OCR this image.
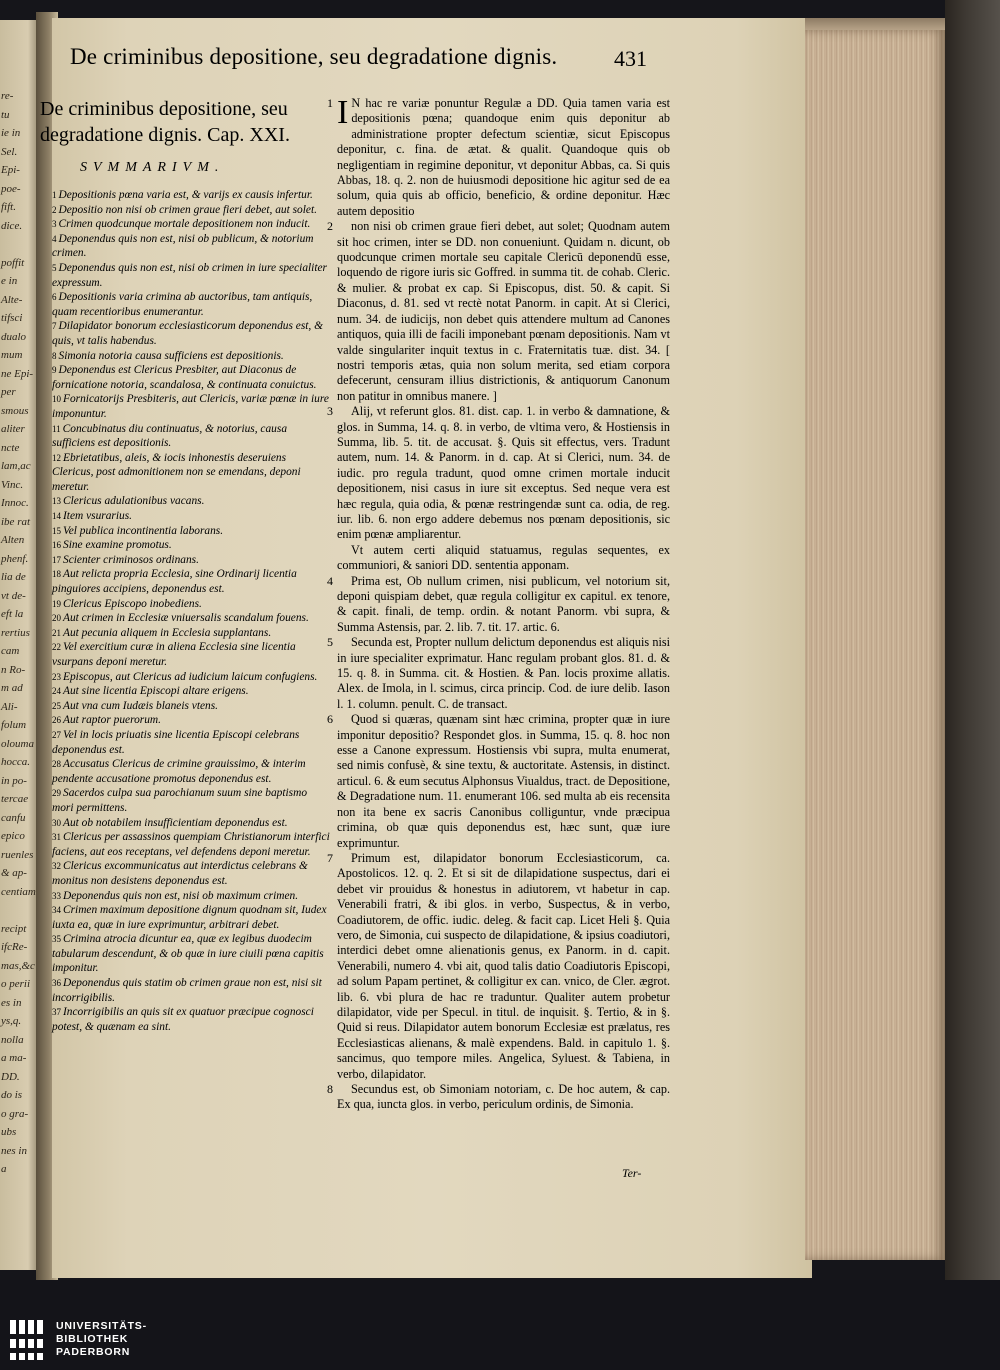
re-
tu
ie in
Sel.
Epi-
poe-
fift.
dice.
poffit
e in
Alte-
tifsci
dualo
mum
ne Epi-
per
smous
aliter
ncte
lam,ac
Vinc.
Innoc.
ibe rat
Alten
phenf.
lia de
vt de-
eft la
rertius
cam
n Ro-
m ad
Ali-
folum
olouma
hocca.
in po-
tercae
canfu
epico
ruenles
& ap-
centiam
recipt
ifcRe-
mas,&c
o perii
es in
ys,q.
nolla
a ma-
DD.
do is
o gra-
ubs
nes in
a
De criminibus depositione, seu degradatione dignis.	431
De criminibus depositione, seu degradatione dignis. Cap. XXI.
SVMMARIVM.
1 Depositionis pœna varia est, & varijs ex causis infertur.
2 Depositio non nisi ob crimen graue fieri debet, aut solet.
3 Crimen quodcunque mortale depositionem non inducit.
4 Deponendus quis non est, nisi ob publicum, & notorium crimen.
5 Deponendus quis non est, nisi ob crimen in iure specialiter expressum.
6 Depositionis varia crimina ab auctoribus, tam antiquis, quam recentioribus enumerantur.
7 Dilapidator bonorum ecclesiasticorum deponendus est, & quis, vt talis habendus.
8 Simonia notoria causa sufficiens est depositionis.
9 Deponendus est Clericus Presbiter, aut Diaconus de fornicatione notoria, scandalosa, & continuata conuictus.
10 Fornicatorijs Presbiteris, aut Clericis, variæ pœnæ in iure imponuntur.
11 Concubinatus diu continuatus, & notorius, causa sufficiens est depositionis.
12 Ebrietatibus, aleis, & iocis inhonestis deseruiens Clericus, post admonitionem non se emendans, deponi meretur.
13 Clericus adulationibus vacans.
14 Item vsurarius.
15 Vel publica incontinentia laborans.
16 Sine examine promotus.
17 Scienter criminosos ordinans.
18 Aut relicta propria Ecclesia, sine Ordinarij licentia pinguiores accipiens, deponendus est.
19 Clericus Episcopo inobediens.
20 Aut crimen in Ecclesiæ vniuersalis scandalum fouens.
21 Aut pecunia aliquem in Ecclesia supplantans.
22 Vel exercitium curæ in aliena Ecclesia sine licentia vsurpans deponi meretur.
23 Episcopus, aut Clericus ad iudicium laicum confugiens.
24 Aut sine licentia Episcopi altare erigens.
25 Aut vna cum Iudæis blaneis vtens.
26 Aut raptor puerorum.
27 Vel in locis priuatis sine licentia Episcopi celebrans deponendus est.
28 Accusatus Clericus de crimine grauissimo, & interim pendente accusatione promotus deponendus est.
29 Sacerdos culpa sua parochianum suum sine baptismo mori permittens.
30 Aut ob notabilem insufficientiam deponendus est.
31 Clericus per assassinos quempiam Christianorum interfici faciens, aut eos receptans, vel defendens deponi meretur.
32 Clericus excommunicatus aut interdictus celebrans & monitus non desistens deponendus est.
33 Deponendus quis non est, nisi ob maximum crimen.
34 Crimen maximum depositione dignum quodnam sit, Iudex iuxta ea, quæ in iure exprimuntur, arbitrari debet.
35 Crimina atrocia dicuntur ea, quæ ex legibus duodecim tabularum descendunt, & ob quæ in iure ciuili pœna capitis imponitur.
36 Deponendus quis statim ob crimen graue non est, nisi sit incorrigibilis.
37 Incorrigibilis an quis sit ex quatuor præcipue cognosci potest, & quænam ea sint.
1 I N hac re variæ ponuntur Regulæ a DD. Quia tamen varia est depositionis pœna; quandoque enim quis deponitur ab administratione propter defectum scientiæ, sicut Episcopus deponitur, c. fina. de ætat. & qualit. Quandoque quis ob negligentiam in regimine deponitur, vt deponitur Abbas, ca. Si quis Abbas, 18. q. 2. non de huiusmodi depositione hic agitur sed de ea solum, quia quis ab officio, beneficio, & ordine deponitur. Hæc autem depositio

2	non nisi ob crimen graue fieri debet, aut solet; Quodnam autem sit hoc crimen, inter se DD. non conueniunt. Quidam n. dicunt, ob quodcunque crimen mortale seu capitale Clericū deponendū esse, loquendo de rigore iuris sic Goffred. in summa tit. de cohab. Cleric. & mulier. & probat ex cap. Si Episcopus, dist. 50. & capit. Si Diaconus, d. 81. sed vt rectè notat Panorm. in capit. At si Clerici, num. 34. de iudicijs, non debet quis attendere multum ad Canones antiquos, quia illi de facili imponebant pœnam depositionis. Nam vt valde singulariter inquit textus in c. Fraternitatis tuæ. dist. 34. [ nostri temporis ætas, quia non solum merita, sed etiam corpora defecerunt, censuram illius districtionis, & antiquorum Canonum non patitur in omnibus manere. ]

3	Alij, vt referunt glos. 81. dist. cap. 1. in verbo & damnatione, & glos. in Summa, 14. q. 8. in verbo, de vltima vero, & Hostiensis in Summa, lib. 5. tit. de accusat. §. Quis sit effectus, vers. Tradunt autem, num. 14. & Panorm. in d. cap. At si Clerici, num. 34. de iudic. pro regula tradunt, quod omne crimen mortale inducit depositionem, nisi casus in iure sit exceptus. Sed neque vera est hæc regula, quia odia, & pœnæ restringendæ sunt ca. odia, de reg. iur. lib. 6. non ergo addere debemus nos pœnam depositionis, sic enim pœnæ ampliarentur.

Vt autem certi aliquid statuamus, regulas sequentes, ex communiori, & saniori DD. sententia apponam.

4	Prima est, Ob nullum crimen, nisi publicum, vel notorium sit, deponi quispiam debet, quæ regula colligitur ex capitul. ex tenore, & capit. finali, de temp. ordin. & notant Panorm. vbi supra, & Summa Astensis, par. 2. lib. 7. tit. 17. artic. 6.

5	Secunda est, Propter nullum delictum deponendus est aliquis nisi in iure specialiter exprimatur. Hanc regulam probant glos. 81. d. & 15. q. 8. in Summa. cit. & Hostien. & Pan. locis proxime allatis. Alex. de Imola, in l. scimus, circa princip. Cod. de iure delib. Iason l. 1. column. penult. C. de transact.

6	Quod si quæras, quænam sint hæc crimina, propter quæ in iure imponitur depositio? Respondet glos. in Summa, 15. q. 8. hoc non esse a Canone expressum. Hostiensis vbi supra, multa enumerat, sed nimis confusè, & sine textu, & auctoritate. Astensis, in distinct. articul. 6. & eum secutus Alphonsus Viualdus, tract. de Depositione, & Degradatione num. 11. enumerant 106. sed multa ab eis recensita non ita bene ex sacris Canonibus colliguntur, vnde præcipua crimina, ob quæ quis deponendus est, hæc sunt, quæ iure exprimuntur.

7	Primum est, dilapidator bonorum Ecclesiasticorum, ca. Apostolicos. 12. q. 2. Et si sit de dilapidatione suspectus, dari ei debet vir prouidus & honestus in adiutorem, vt habetur in cap. Venerabili fratri, & ibi glos. in verbo, Suspectus, & in verbo, Coadiutorem, de offic. iudic. deleg. & facit cap. Licet Heli §. Quia vero, de Simonia, cui suspecto de dilapidatione, & ipsius coadiutori, interdici debet omne alienationis genus, ex Panorm. in d. capit. Venerabili, numero 4. vbi ait, quod talis datio Coadiutoris Episcopi, ad solum Papam pertinet, & colligitur ex can. vnico, de Cler. ægrot. lib. 6. vbi plura de hac re traduntur. Qualiter autem probetur dilapidator, vide per Specul. in titul. de inquisit. §. Tertio, & in §. Quid si reus. Dilapidator autem bonorum Ecclesiæ est prælatus, res Ecclesiasticas alienans, & malè expendens. Bald. in capitulo 1. §. sancimus, quo tempore miles. Angelica, Syluest. & Tabiena, in verbo, dilapidator.

8	Secundus est, ob Simoniam notoriam, c. De hoc autem, & cap. Ex qua, iuncta glos. in verbo, periculum ordinis, de Simonia.

Ter-
UNIVERSITÄTS-
BIBLIOTHEK
PADERBORN
